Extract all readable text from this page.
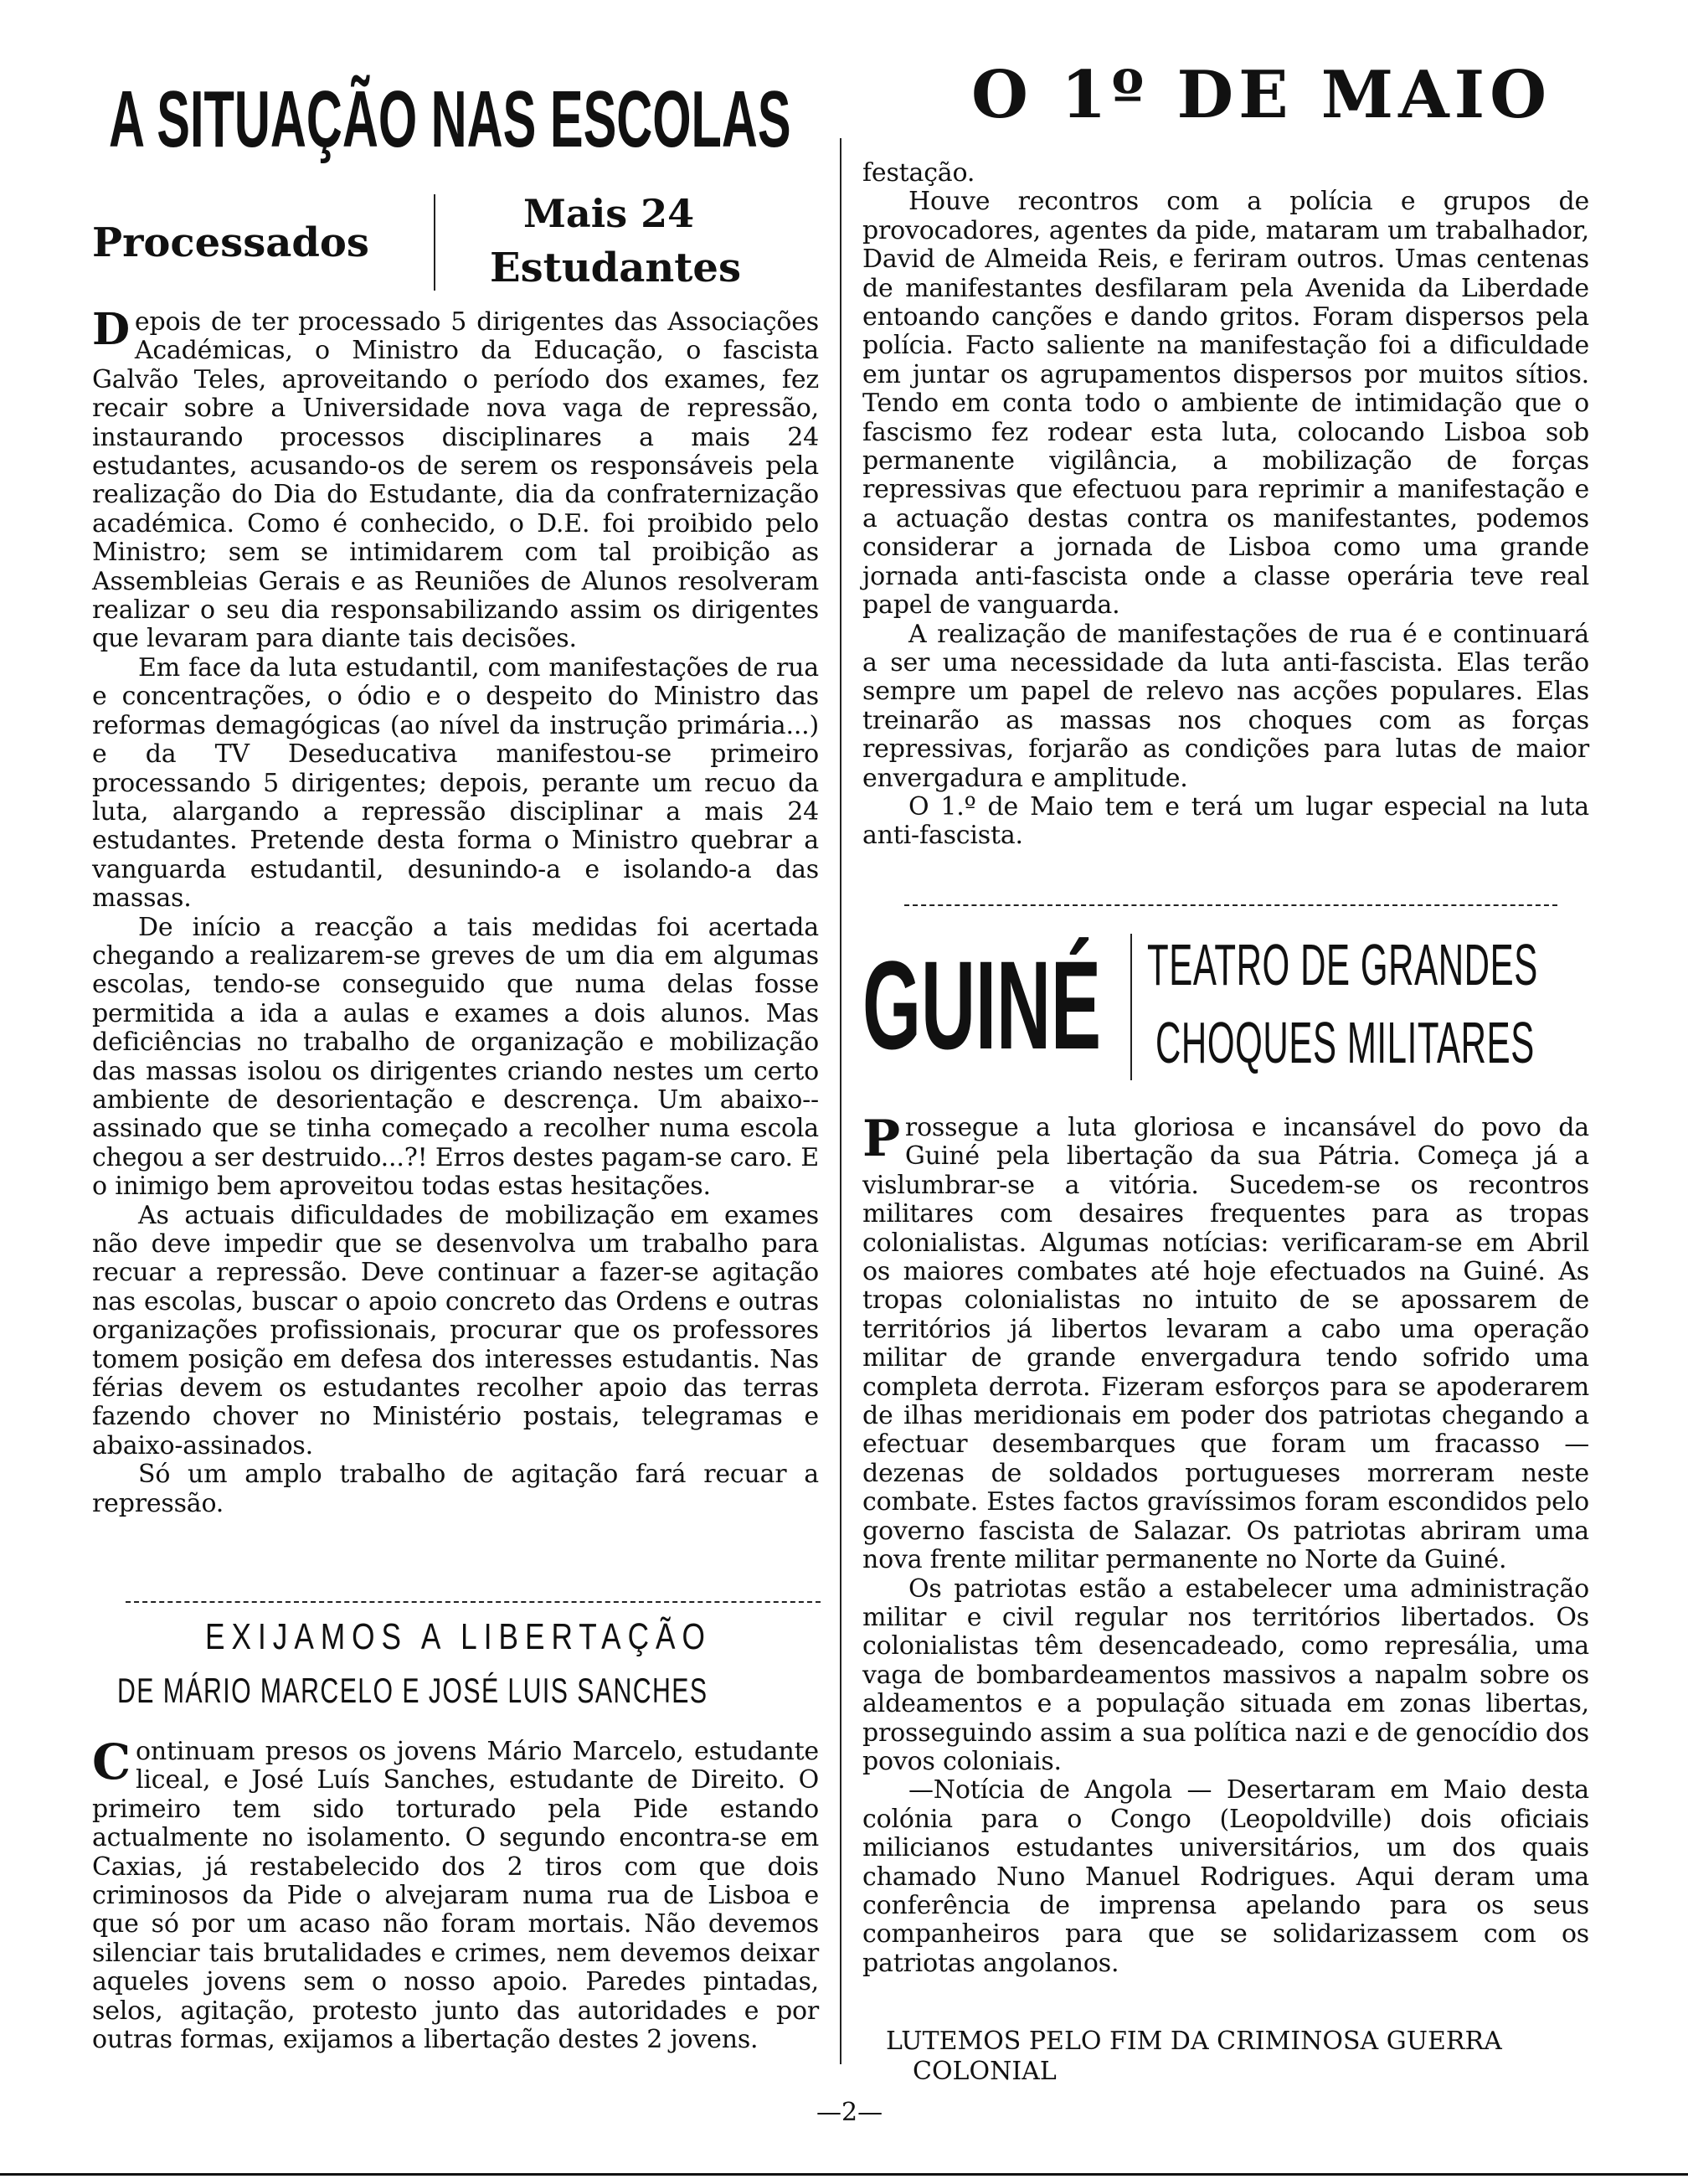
A SITUAÇÃO NAS ESCOLAS
Processados
Mais 24
Estudantes

Depois de ter processado 5 dirigentes das Associações Académicas, o Ministro da Educação, o fascista Galvão Teles, aproveitando o período dos exames, fez recair sobre a Universidade nova vaga de repressão, instaurando processos disciplinares a mais 24 estudantes, acusando-os de serem os responsáveis pela realização do Dia do Estudante, dia da confraternização académica. Como é conhecido, o D.E. foi proibido pelo Ministro; sem se intimidarem com tal proibição as Assembleias Gerais e as Reuniões de Alunos resolveram realizar o seu dia responsabilizando assim os dirigentes que levaram para diante tais decisões.

Em face da luta estudantil, com manifestações de rua e concentrações, o ódio e o despeito do Ministro das reformas demagógicas (ao nível da instrução primária...) e da TV Deseducativa manifestou-se primeiro processando 5 dirigentes; depois, perante um recuo da luta, alargando a repressão disciplinar a mais 24 estudantes. Pretende desta forma o Ministro quebrar a vanguarda estudantil, desunindo-a e isolando-a das massas.

De início a reacção a tais medidas foi acertada chegando a realizarem-se greves de um dia em algumas escolas, tendo-se conseguido que numa delas fosse permitida a ida a aulas e exames a dois alunos. Mas deficiências no trabalho de organização e mobilização das massas isolou os dirigentes criando nestes um certo ambiente de desorientação e descrença. Um abaixo--assinado que se tinha começado a recolher numa escola chegou a ser destruido...?! Erros destes pagam-se caro. E o inimigo bem aproveitou todas estas hesitações.

As actuais dificuldades de mobilização em exames não deve impedir que se desenvolva um trabalho para recuar a repressão. Deve continuar a fazer-se agitação nas escolas, buscar o apoio concreto das Ordens e outras organizações profissionais, procurar que os professores tomem posição em defesa dos interesses estudantis. Nas férias devem os estudantes recolher apoio das terras fazendo chover no Ministério postais, telegramas e abaixo-assinados.

Só um amplo trabalho de agitação fará recuar a repressão.

EXIJAMOS A LIBERTAÇÃO
DE MÁRIO MARCELO E JOSÉ LUIS SANCHES

Continuam presos os jovens Mário Marcelo, estudante liceal, e José Luís Sanches, estudante de Direito. O primeiro tem sido torturado pela Pide estando actualmente no isolamento. O segundo encontra-se em Caxias, já restabelecido dos 2 tiros com que dois criminosos da Pide o alvejaram numa rua de Lisboa e que só por um acaso não foram mortais. Não devemos silenciar tais brutalidades e crimes, nem devemos deixar aqueles jovens sem o nosso apoio. Paredes pintadas, selos, agitação, protesto junto das autoridades e por outras formas, exijamos a libertação destes 2 jovens.

O 1º DE MAIO

festação.

Houve recontros com a polícia e grupos de provocadores, agentes da pide, mataram um trabalhador, David de Almeida Reis, e feriram outros. Umas centenas de manifestantes desfilaram pela Avenida da Liberdade entoando canções e dando gritos. Foram dispersos pela polícia. Facto saliente na manifestação foi a dificuldade em juntar os agrupamentos dispersos por muitos sítios. Tendo em conta todo o ambiente de intimidação que o fascismo fez rodear esta luta, colocando Lisboa sob permanente vigilância, a mobilização de forças repressivas que efectuou para reprimir a manifestação e a actuação destas contra os manifestantes, podemos considerar a jornada de Lisboa como uma grande jornada anti-fascista onde a classe operária teve real papel de vanguarda.

A realização de manifestações de rua é e continuará a ser uma necessidade da luta anti-fascista. Elas terão sempre um papel de relevo nas acções populares. Elas treinarão as massas nos choques com as forças repressivas, forjarão as condições para lutas de maior envergadura e amplitude.

O 1.º de Maio tem e terá um lugar especial na luta anti-fascista.

GUINÉ TEATRO DE GRANDES
CHOQUES MILITARES

Prossegue a luta gloriosa e incansável do povo da Guiné pela libertação da sua Pátria. Começa já a vislumbrar-se a vitória. Sucedem-se os recontros militares com desaires frequentes para as tropas colonialistas. Algumas notícias: verificaram-se em Abril os maiores combates até hoje efectuados na Guiné. As tropas colonialistas no intuito de se apossarem de territórios já libertos levaram a cabo uma operação militar de grande envergadura tendo sofrido uma completa derrota. Fizeram esforços para se apoderarem de ilhas meridionais em poder dos patriotas chegando a efectuar desembarques que foram um fracasso — dezenas de soldados portugueses morreram neste combate. Estes factos gravíssimos foram escondidos pelo governo fascista de Salazar. Os patriotas abriram uma nova frente militar permanente no Norte da Guiné.

Os patriotas estão a estabelecer uma administração militar e civil regular nos territórios libertados. Os colonialistas têm desencadeado, como represália, uma vaga de bombardeamentos massivos a napalm sobre os aldeamentos e a população situada em zonas libertas, prosseguindo assim a sua política nazi e de genocídio dos povos coloniais.

—Notícia de Angola — Desertaram em Maio desta colónia para o Congo (Leopoldville) dois oficiais milicianos estudantes universitários, um dos quais chamado Nuno Manuel Rodrigues. Aqui deram uma conferência de imprensa apelando para os seus companheiros para que se solidarizassem com os patriotas angolanos.

LUTEMOS PELO FIM DA CRIMINOSA GUERRA
COLONIAL
—2—
